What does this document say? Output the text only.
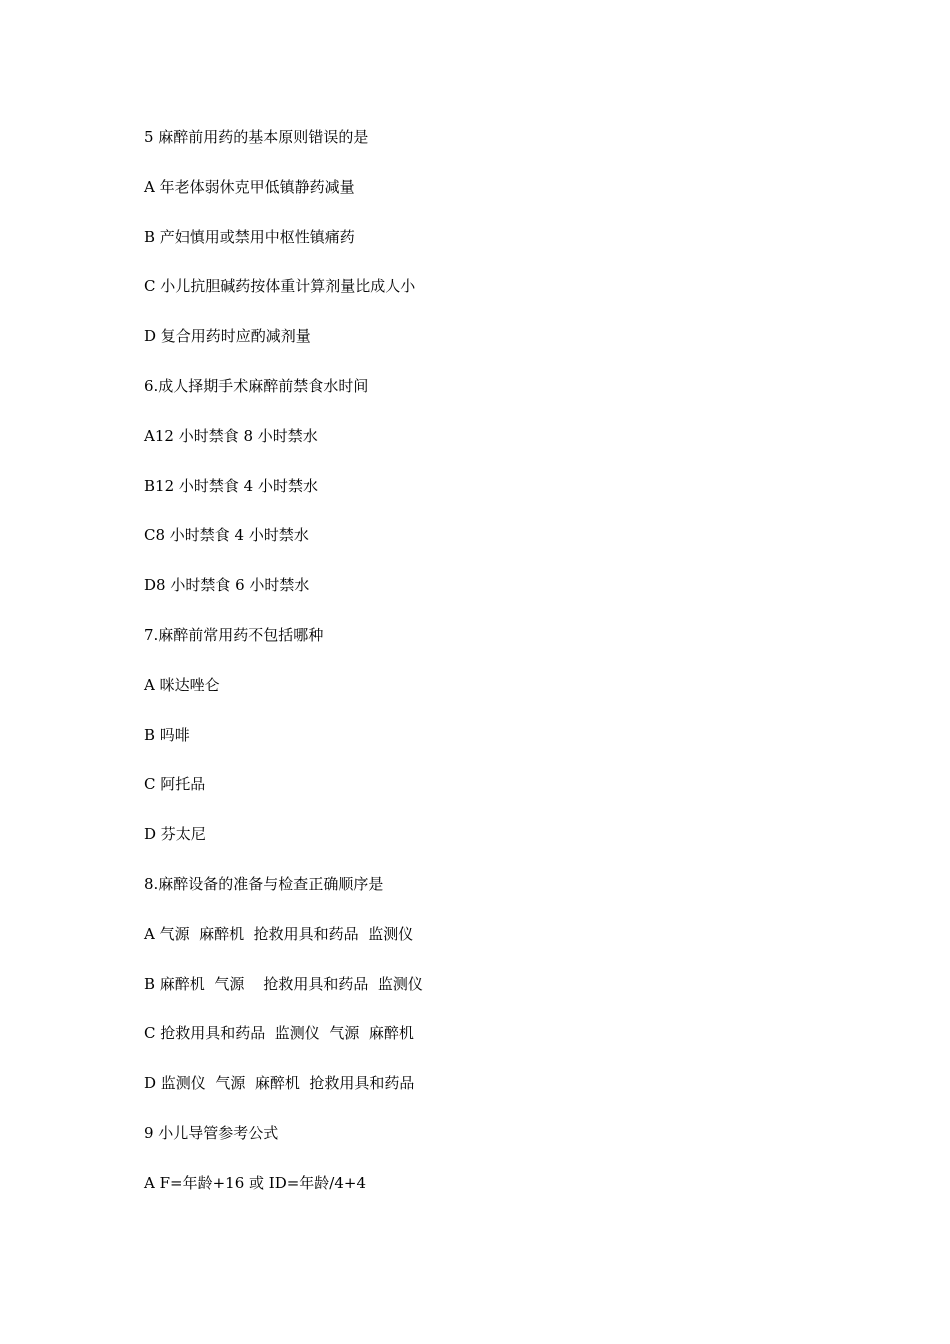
5 麻醉前用药的基本原则错误的是
A 年老体弱休克甲低镇静药减量
B 产妇慎用或禁用中枢性镇痛药
C 小儿抗胆碱药按体重计算剂量比成人小
D 复合用药时应酌减剂量
6.成人择期手术麻醉前禁食水时间
A12 小时禁食 8 小时禁水
B12 小时禁食 4 小时禁水
C8 小时禁食 4 小时禁水
D8 小时禁食 6 小时禁水
7.麻醉前常用药不包括哪种
A 咪达唑仑
B 吗啡
C 阿托品
D 芬太尼
8.麻醉设备的准备与检查正确顺序是
A 气源  麻醉机  抢救用具和药品  监测仪
B 麻醉机  气源    抢救用具和药品  监测仪
C 抢救用具和药品  监测仪  气源  麻醉机
D 监测仪  气源  麻醉机  抢救用具和药品
9 小儿导管参考公式
A F=年龄+16 或 ID=年龄/4+4
